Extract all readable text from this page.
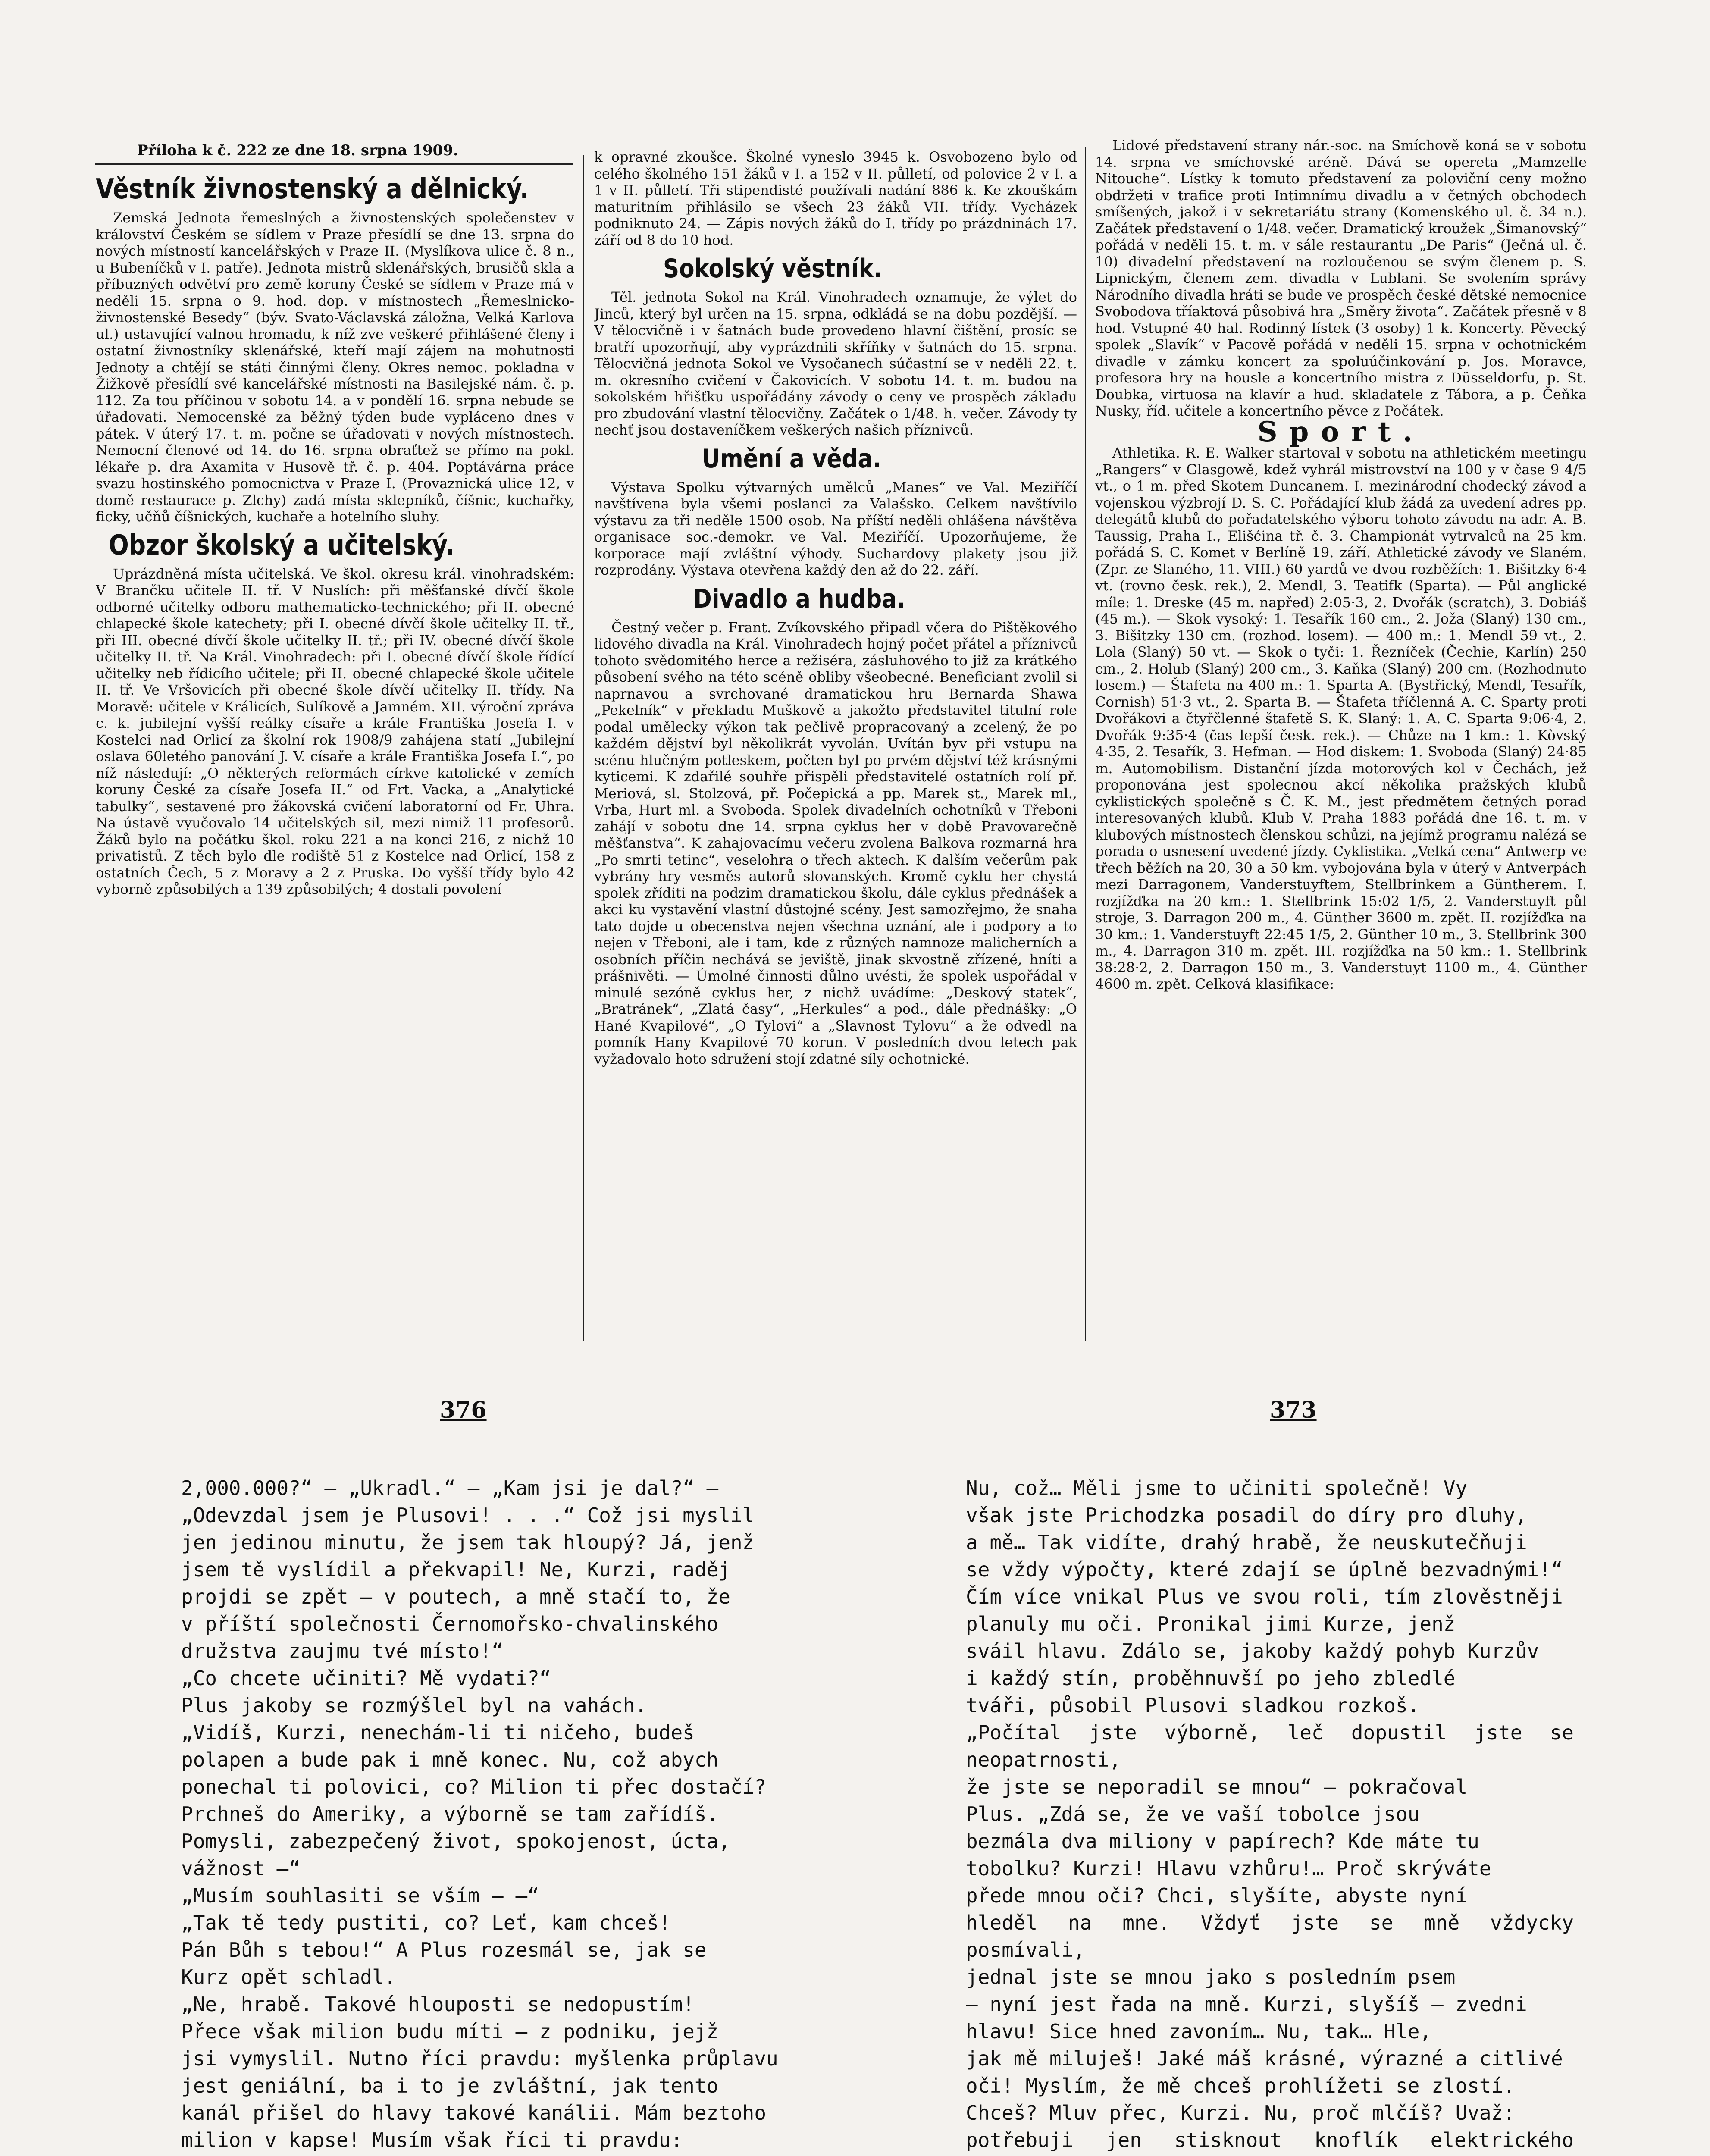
Příloha k č. 222 ze dne 18. srpna 1909.
Věstník živnostenský a dělnický.

Zemská Jednota řemeslných a živnostenských společenstev v království Českém se sídlem v Praze přesídlí se dne 13. srpna do nových místností kancelářských v Praze II. (Myslíkova ulice č. 8 n., u Bubeníčků v I. patře). Jednota mistrů sklenářských, brusičů skla a příbuzných odvětví pro země koruny České se sídlem v Praze má v neděli 15. srpna o 9. hod. dop. v místnostech „Řemeslnicko-živnostenské Besedy“ (býv. Svato-Václavská záložna, Velká Karlova ul.) ustavující valnou hromadu, k níž zve veškeré přihlášené členy i ostatní živnostníky sklenářské, kteří mají zájem na mohutnosti Jednoty a chtějí se státi činnými členy. Okres nemoc. pokladna v Žižkově přesídlí své kancelářské místnosti na Basilejské nám. č. p. 112. Za tou příčinou v sobotu 14. a v pondělí 16. srpna nebude se úřadovati. Nemocenské za běžný týden bude vypláceno dnes v pátek. V úterý 17. t. m. počne se úřadovati v nových místnostech. Nemocní členové od 14. do 16. srpna obraťtež se přímo na pokl. lékaře p. dra Axamita v Husově tř. č. p. 404. Poptávárna práce svazu hostinského pomocnictva v Praze I. (Provaznická ulice 12, v domě restaurace p. Zlchy) zadá místa sklepníků, číšnic, kuchařky, ficky, učňů číšnických, kuchaře a hotelního sluhy.

Obzor školský a učitelský.

Uprázdněná místa učitelská. Ve škol. okresu král. vinohradském: V Brančku učitele II. tř. V Nuslích: při měšťanské dívčí škole odborné učitelky odboru mathematicko-technického; při II. obecné chlapecké škole katechety; při I. obecné dívčí škole učitelky II. tř., při III. obecné dívčí škole učitelky II. tř.; při IV. obecné dívčí škole učitelky II. tř. Na Král. Vinohradech: při I. obecné dívčí škole řídící učitelky neb řídicího učitele; při II. obecné chlapecké škole učitele II. tř. Ve Vršovicích při obecné škole dívčí učitelky II. třídy. Na Moravě: učitele v Králicích, Sulíkově a Jamném. XII. výroční zpráva c. k. jubilejní vyšší reálky císaře a krále Františka Josefa I. v Kostelci nad Orlicí za školní rok 1908/9 zahájena statí „Jubilejní oslava 60letého panování J. V. císaře a krále Františka Josefa I.“, po níž následují: „O některých reformách církve katolické v zemích koruny České za císaře Josefa II.“ od Frt. Vacka, a „Analytické tabulky“, sestavené pro žákovská cvičení laboratorní od Fr. Uhra. Na ústavě vyučovalo 14 učitelských sil, mezi nimiž 11 profesorů. Žáků bylo na počátku škol. roku 221 a na konci 216, z nichž 10 privatistů. Z těch bylo dle rodiště 51 z Kostelce nad Orlicí, 158 z ostatních Čech, 5 z Moravy a 2 z Pruska. Do vyšší třídy bylo 42 vyborně způsobilých a 139 způsobilých; 4 dostali povolení

k opravné zkoušce. Školné vyneslo 3945 k. Osvobozeno bylo od celého školného 151 žáků v I. a 152 v II. půlletí, od polovice 2 v I. a 1 v II. půlletí. Tři stipendisté používali nadání 886 k. Ke zkouškám maturitním přihlásilo se všech 23 žáků VII. třídy. Vycházek podniknuto 24. — Zápis nových žáků do I. třídy po prázdninách 17. září od 8 do 10 hod.

Sokolský věstník.

Těl. jednota Sokol na Král. Vinohradech oznamuje, že výlet do Jinců, který byl určen na 15. srpna, odkládá se na dobu pozdější. — V tělocvičně i v šatnách bude provedeno hlavní čištění, prosíc se bratří upozorňují, aby vyprázdnili skříňky v šatnách do 15. srpna. Tělocvičná jednota Sokol ve Vysočanech súčastní se v neděli 22. t. m. okresního cvičení v Čakovicích. V sobotu 14. t. m. budou na sokolském hřišťku uspořádány závody o ceny ve prospěch základu pro zbudování vlastní tělocvičny. Začátek o 1/48. h. večer. Závody ty nechť jsou dostaveníčkem veškerých našich příznivců.

Umění a věda.

Výstava Spolku výtvarných umělců „Manes“ ve Val. Meziříčí navštívena byla všemi poslanci za Valašsko. Celkem navštívilo výstavu za tři neděle 1500 osob. Na příští neděli ohlášena návštěva organisace soc.-demokr. ve Val. Meziříčí. Upozorňujeme, že korporace mají zvláštní výhody. Suchardovy plakety jsou již rozprodány. Výstava otevřena každý den až do 22. září.

Divadlo a hudba.

Čestný večer p. Frant. Zvíkovského připadl včera do Pištěkového lidového divadla na Král. Vinohradech hojný počet přátel a příznivců tohoto svědomitého herce a režiséra, zásluhového to již za krátkého působení svého na této scéně obliby všeobecné. Beneficiant zvolil si naprnavou a svrchované dramatickou hru Bernarda Shawa „Pekelník“ v překladu Muškově a jakožto představitel titulní role podal umělecky výkon tak pečlivě propracovaný a zcelený, že po každém dějství byl několikrát vyvolán. Uvítán byv při vstupu na scénu hlučným potleskem, počten byl po prvém dějství též krásnými kyticemi. K zdařilé souhře přispěli představitelé ostatních rolí př. Meriová, sl. Stolzová, př. Počepická a pp. Marek st., Marek ml., Vrba, Hurt ml. a Svoboda. Spolek divadelních ochotníků v Třeboni zahájí v sobotu dne 14. srpna cyklus her v době Pravovarečně měšťanstva“. K zahajovacímu večeru zvolena Balkova rozmarná hra „Po smrti tetinc“, veselohra o třech aktech. K dalším večerům pak vybrány hry vesměs autorů slovanských. Kromě cyklu her chystá spolek zříditi na podzim dramatickou školu, dále cyklus přednášek a akci ku vystavění vlastní důstojné scény. Jest samozřejmo, že snaha tato dojde u obecenstva nejen všechna uznání, ale i podpory a to nejen v Třeboni, ale i tam, kde z různých namnoze malicherních a osobních příčin nechává se jeviště, jinak skvostně zřízené, hníti a prášnivěti. — Úmolné činnosti důlno uvésti, že spolek uspořádal v minulé sezóně cyklus her, z nichž uvádíme: „Deskový statek“, „Bratránek“, „Zlatá časy“, „Herkules“ a pod., dále přednášky: „O Hané Kvapilové“, „O Tylovi“ a „Slavnost Tylovu“ a že odvedl na pomník Hany Kvapilové 70 korun. V posledních dvou letech pak vyžadovalo hoto sdružení stojí zdatné síly ochotnické.

Lidové představení strany nár.-soc. na Smíchově koná se v sobotu 14. srpna ve smíchovské aréně. Dává se opereta „Mamzelle Nitouche“. Lístky k tomuto představení za poloviční ceny možno obdržeti v trafice proti Intimnímu divadlu a v četných obchodech smíšených, jakož i v sekretariátu strany (Komenského ul. č. 34 n.). Začátek představení o 1/48. večer. Dramatický kroužek „Šimanovský“ pořádá v neděli 15. t. m. v sále restaurantu „De Paris“ (Ječná ul. č. 10) divadelní představení na rozloučenou se svým členem p. S. Lipnickým, členem zem. divadla v Lublani. Se svolením správy Národního divadla hráti se bude ve prospěch české dětské nemocnice Svobodova tříaktová působivá hra „Směry života“. Začátek přesně v 8 hod. Vstupné 40 hal. Rodinný lístek (3 osoby) 1 k. Koncerty. Pěvecký spolek „Slavík“ v Pacově pořádá v neděli 15. srpna v ochotnickém divadle v zámku koncert za spoluúčinkování p. Jos. Moravce, profesora hry na housle a koncertního mistra z Düsseldorfu, p. St. Doubka, virtuosa na klavír a hud. skladatele z Tábora, a p. Čeňka Nusky, říd. učitele a koncertního pěvce z Počátek.

Sport.

Athletika. R. E. Walker startoval v sobotu na athletickém meetingu „Rangers“ v Glasgowě, kdež vyhrál mistrovství na 100 y v čase 9 4/5 vt., o 1 m. před Skotem Duncanem. I. mezinárodní chodecký závod a vojenskou výzbrojí D. S. C. Pořádající klub žádá za uvedení adres pp. delegátů klubů do pořadatelského výboru tohoto závodu na adr. A. B. Taussig, Praha I., Elišćina tř. č. 3. Championát vytrvalců na 25 km. pořádá S. C. Komet v Berlíně 19. září. Athletické závody ve Slaném. (Zpr. ze Slaného, 11. VIII.) 60 yardů ve dvou rozběžích: 1. Bišitzky 6·4 vt. (rovno česk. rek.), 2. Mendl, 3. Teatifk (Sparta). — Půl anglické míle: 1. Dreske (45 m. napřed) 2:05·3, 2. Dvořák (scratch), 3. Dobiáš (45 m.). — Skok vysoký: 1. Tesařík 160 cm., 2. Joža (Slaný) 130 cm., 3. Bišitzky 130 cm. (rozhod. losem). — 400 m.: 1. Mendl 59 vt., 2. Lola (Slaný) 50 vt. — Skok o tyči: 1. Řezníček (Čechie, Karlín) 250 cm., 2. Holub (Slaný) 200 cm., 3. Kaňka (Slaný) 200 cm. (Rozhodnuto losem.) — Štafeta na 400 m.: 1. Sparta A. (Bystřický, Mendl, Tesařík, Cornish) 51·3 vt., 2. Sparta B. — Štafeta tříčlenná A. C. Sparty proti Dvořákovi a čtyřčlenné štafetě S. K. Slaný: 1. A. C. Sparta 9:06·4, 2. Dvořák 9:35·4 (čas lepší česk. rek.). — Chůze na 1 km.: 1. Kòvský 4·35, 2. Tesařík, 3. Hefman. — Hod diskem: 1. Svoboda (Slaný) 24·85 m. Automobilism. Distanční jízda motorových kol v Čechách, jež proponována jest spolecnou akcí několika pražských klubů cyklistických společně s Č. K. M., jest předmětem četných porad interesovaných klubů. Klub V. Praha 1883 pořádá dne 16. t. m. v klubových místnostech členskou schůzi, na jejímž programu nalézá se porada o usnesení uvedené jízdy. Cyklistika. „Velká cena“ Antwerp ve třech běžích na 20, 30 a 50 km. vybojována byla v úterý v Antverpách mezi Darragonem, Vanderstuyftem, Stellbrinkem a Güntherem. I. rozjížďka na 20 km.: 1. Stellbrink 15:02 1/5, 2. Vanderstuyft půl stroje, 3. Darragon 200 m., 4. Günther 3600 m. zpět. II. rozjížďka na 30 km.: 1. Vanderstuyft 22:45 1/5, 2. Günther 10 m., 3. Stellbrink 300 m., 4. Darragon 310 m. zpět. III. rozjížďka na 50 km.: 1. Stellbrink 38:28·2, 2. Darragon 150 m., 3. Vanderstuyt 1100 m., 4. Günther 4600 m. zpět. Celková klasifikace:

376	373

2,000.000?“ — „Ukradl.“ — „Kam jsi je dal?“ —

„Odevzdal jsem je Plusovi! . . .“ Což jsi myslil

jen jedinou minutu, že jsem tak hloupý? Já, jenž

jsem tě vyslídil a překvapil! Ne, Kurzi, raděj

projdi se zpět — v poutech, a mně stačí to, že

v příští společnosti Černomořsko-chvalinského

družstva zaujmu tvé místo!“

„Co chcete učiniti? Mě vydati?“

Plus jakoby se rozmýšlel byl na vahách.

„Vidíš, Kurzi, nenechám-li ti ničeho, budeš

polapen a bude pak i mně konec. Nu, což abych

ponechal ti polovici, co? Milion ti přec dostačí?

Prchneš do Ameriky, a výborně se tam zařídíš.

Pomysli, zabezpečený život, spokojenost, úcta,

vážnost —“

„Musím souhlasiti se vším — —“

„Tak tě tedy pustiti, co? Leť, kam chceš!

Pán Bůh s tebou!“ A Plus rozesmál se, jak se

Kurz opět schladl.

„Ne, hrabě. Takové hlouposti se nedopustím!

Přece však milion budu míti — z podniku, jejž

jsi vymyslil. Nutno říci pravdu: myšlenka průplavu

jest geniální, ba i to je zvláštní, jak tento

kanál přišel do hlavy takové kanálii. Mám beztoho

milion v kapse! Musím však říci ti pravdu:

Nu, což… Měli jsme to učiniti společně! Vy

však jste Prichodzka posadil do díry pro dluhy,

a mě… Tak vidíte, drahý hrabě, že neuskutečňuji

se vždy výpočty, které zdají se úplně bezvadnými!“

Čím více vnikal Plus ve svou roli, tím zlověstněji

planuly mu oči. Pronikal jimi Kurze, jenž

sváil hlavu. Zdálo se, jakoby každý pohyb Kurzův

i každý stín, proběhnuvší po jeho zbledlé

tváři, působil Plusovi sladkou rozkoš.

„Počítal jste výborně, leč dopustil jste se neopatrnosti,

že jste se neporadil se mnou“ — pokračoval

Plus. „Zdá se, že ve vaší tobolce jsou

bezmála dva miliony v papírech? Kde máte tu

tobolku? Kurzi! Hlavu vzhůru!… Proč skrýváte

přede mnou oči? Chci, slyšíte, abyste nyní

hleděl na mne. Vždyť jste se mně vždycky posmívali,

jednal jste se mnou jako s posledním psem

— nyní jest řada na mně. Kurzi, slyšíš — zvedni

hlavu! Sice hned zavoním… Nu, tak… Hle,

jak mě miluješ! Jaké máš krásné, výrazné a citlivé

oči! Myslím, že mě chceš prohlížeti se zlostí.

Chceš? Mluv přec, Kurzi. Nu, proč mlčíš? Uvaž:

potřebuji jen stisknout knoflík elektrického
